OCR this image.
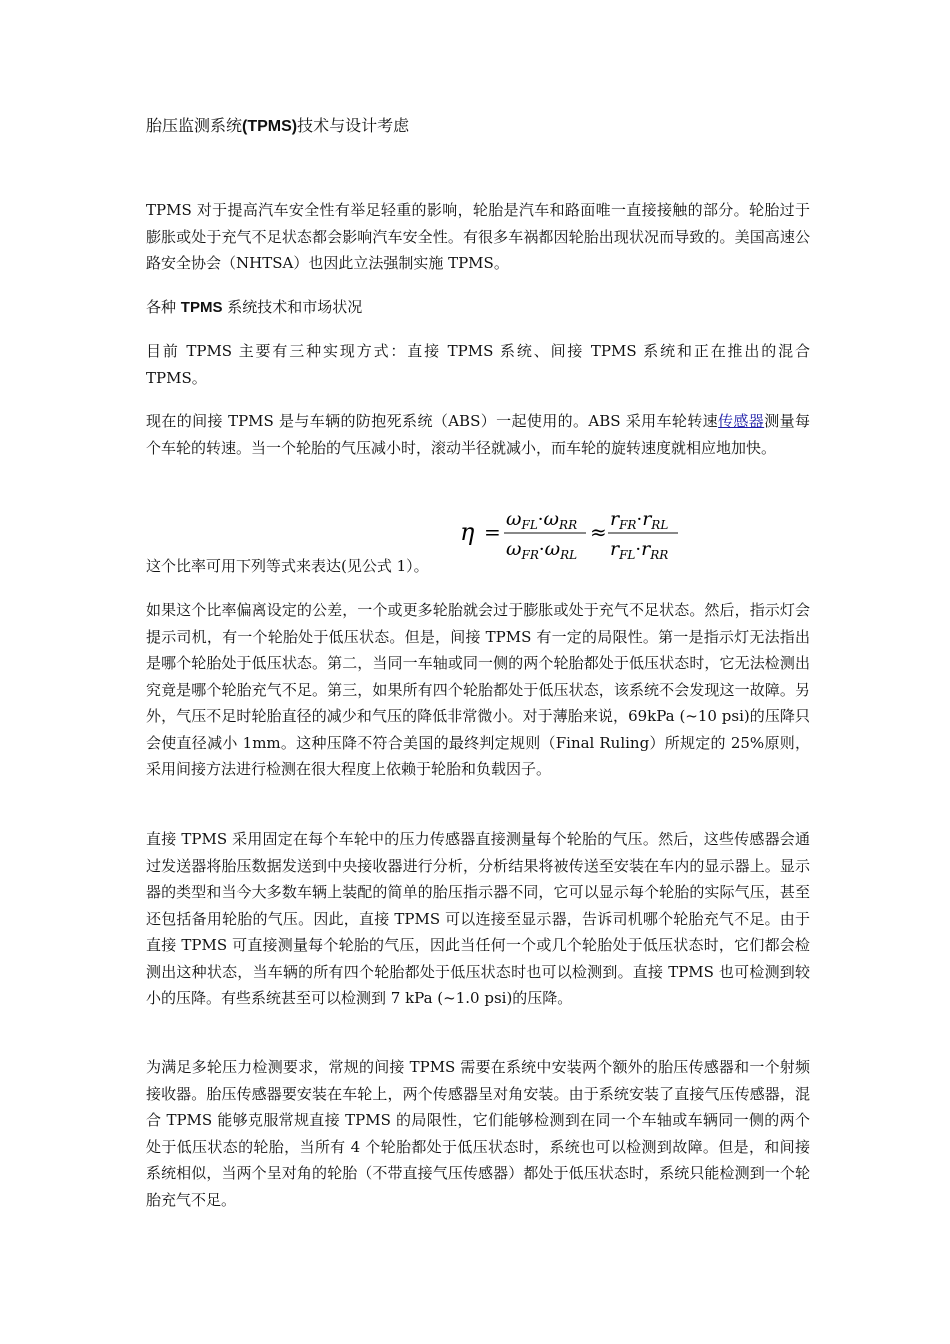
胎压监测系统(TPMS)技术与设计考虑

TPMS 对于提高汽车安全性有举足轻重的影响，轮胎是汽车和路面唯一直接接触的部分。轮胎过于膨胀或处于充气不足状态都会影响汽车安全性。有很多车祸都因轮胎出现状况而导致的。美国高速公路安全协会（NHTSA）也因此立法强制实施 TPMS。

各种 TPMS 系统技术和市场状况

目前 TPMS 主要有三种实现方式：直接 TPMS 系统、间接 TPMS 系统和正在推出的混合 TPMS。

现在的间接 TPMS 是与车辆的防抱死系统（ABS）一起使用的。ABS 采用车轮转速传感器测量每个车轮的转速。当一个轮胎的气压减小时，滚动半径就减小，而车轮的旋转速度就相应地加快。

这个比率可用下列等式来表达(见公式 1）。
η =
$\omega_{FL}\cdot\omega_{RR}$
$\omega_{FR}\cdot\omega_{RL}$
≈
$r_{FR}\cdot r_{RL}$
$r_{FL}\cdot r_{RR}$

如果这个比率偏离设定的公差，一个或更多轮胎就会过于膨胀或处于充气不足状态。然后，指示灯会提示司机，有一个轮胎处于低压状态。但是，间接 TPMS 有一定的局限性。第一是指示灯无法指出是哪个轮胎处于低压状态。第二，当同一车轴或同一侧的两个轮胎都处于低压状态时，它无法检测出究竟是哪个轮胎充气不足。第三，如果所有四个轮胎都处于低压状态，该系统不会发现这一故障。另外，气压不足时轮胎直径的减少和气压的降低非常微小。对于薄胎来说，69kPa (~10 psi)的压降只会使直径减小 1mm。这种压降不符合美国的最终判定规则（Final Ruling）所规定的 25%原则，采用间接方法进行检测在很大程度上依赖于轮胎和负载因子。

直接 TPMS 采用固定在每个车轮中的压力传感器直接测量每个轮胎的气压。然后，这些传感器会通过发送器将胎压数据发送到中央接收器进行分析，分析结果将被传送至安装在车内的显示器上。显示器的类型和当今大多数车辆上装配的简单的胎压指示器不同，它可以显示每个轮胎的实际气压，甚至还包括备用轮胎的气压。因此，直接 TPMS 可以连接至显示器，告诉司机哪个轮胎充气不足。由于直接 TPMS 可直接测量每个轮胎的气压，因此当任何一个或几个轮胎处于低压状态时，它们都会检测出这种状态，当车辆的所有四个轮胎都处于低压状态时也可以检测到。直接 TPMS 也可检测到较小的压降。有些系统甚至可以检测到 7 kPa (~1.0 psi)的压降。

为满足多轮压力检测要求，常规的间接 TPMS 需要在系统中安装两个额外的胎压传感器和一个射频接收器。胎压传感器要安装在车轮上，两个传感器呈对角安装。由于系统安装了直接气压传感器，混合 TPMS 能够克服常规直接 TPMS 的局限性，它们能够检测到在同一个车轴或车辆同一侧的两个处于低压状态的轮胎，当所有 4 个轮胎都处于低压状态时，系统也可以检测到故障。但是，和间接系统相似，当两个呈对角的轮胎（不带直接气压传感器）都处于低压状态时，系统只能检测到一个轮胎充气不足。
